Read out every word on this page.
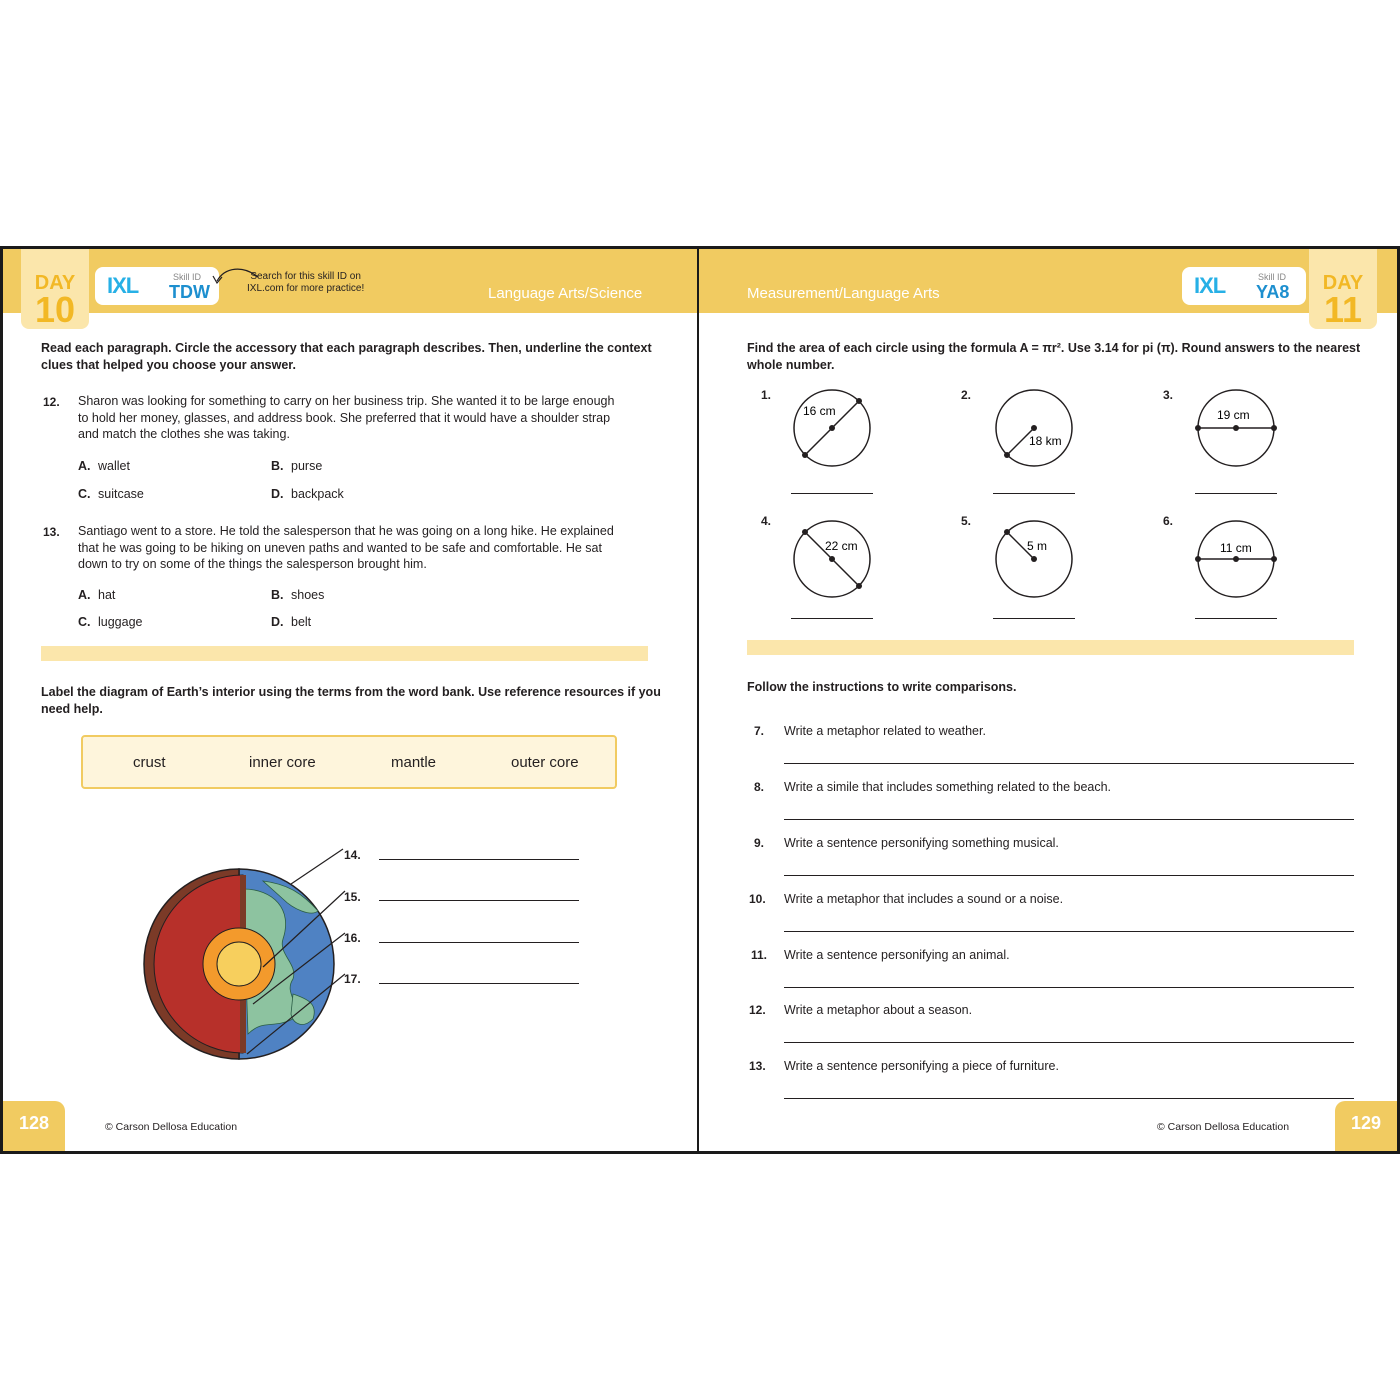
DAY
10
IXL	Skill ID
TDW
Search for this skill ID on
IXL.com for more practice!	Language Arts/Science
Read each paragraph. Circle the accessory that each paragraph describes. Then, underline the context
clues that helped you choose your answer.
12. Sharon was looking for something to carry on her business trip. She wanted it to be large enough
to hold her money, glasses, and address book. She preferred that it would have a shoulder strap
and match the clothes she was taking.
A. wallet	B. purse
C. suitcase	D. backpack
13. Santiago went to a store. He told the salesperson that he was going on a long hike. He explained
that he was going to be hiking on uneven paths and wanted to be safe and comfortable. He sat
down to try on some of the things the salesperson brought him.
A. hat	B. shoes
C. luggage	D. belt
Label the diagram of Earth’s interior using the terms from the word bank. Use reference resources if you
need help.
crust	inner core	mantle	outer core
14.
15.
16.
17.
128	© Carson Dellosa Education
Measurement/Language Arts	IXL	Skill ID
YA8	DAY
11
Find the area of each circle using the formula A = πr². Use 3.14 for pi (π). Round answers to the nearest
whole number.
1.
16 cm
2.
18 km
3.
19 cm
4.
22 cm
5.
5 m
6.
11 cm
Follow the instructions to write comparisons.
7. Write a metaphor related to weather.
8. Write a simile that includes something related to the beach.
9. Write a sentence personifying something musical.
10. Write a metaphor that includes a sound or a noise.
11. Write a sentence personifying an animal.
12. Write a metaphor about a season.
13. Write a sentence personifying a piece of furniture.
© Carson Dellosa Education	129
